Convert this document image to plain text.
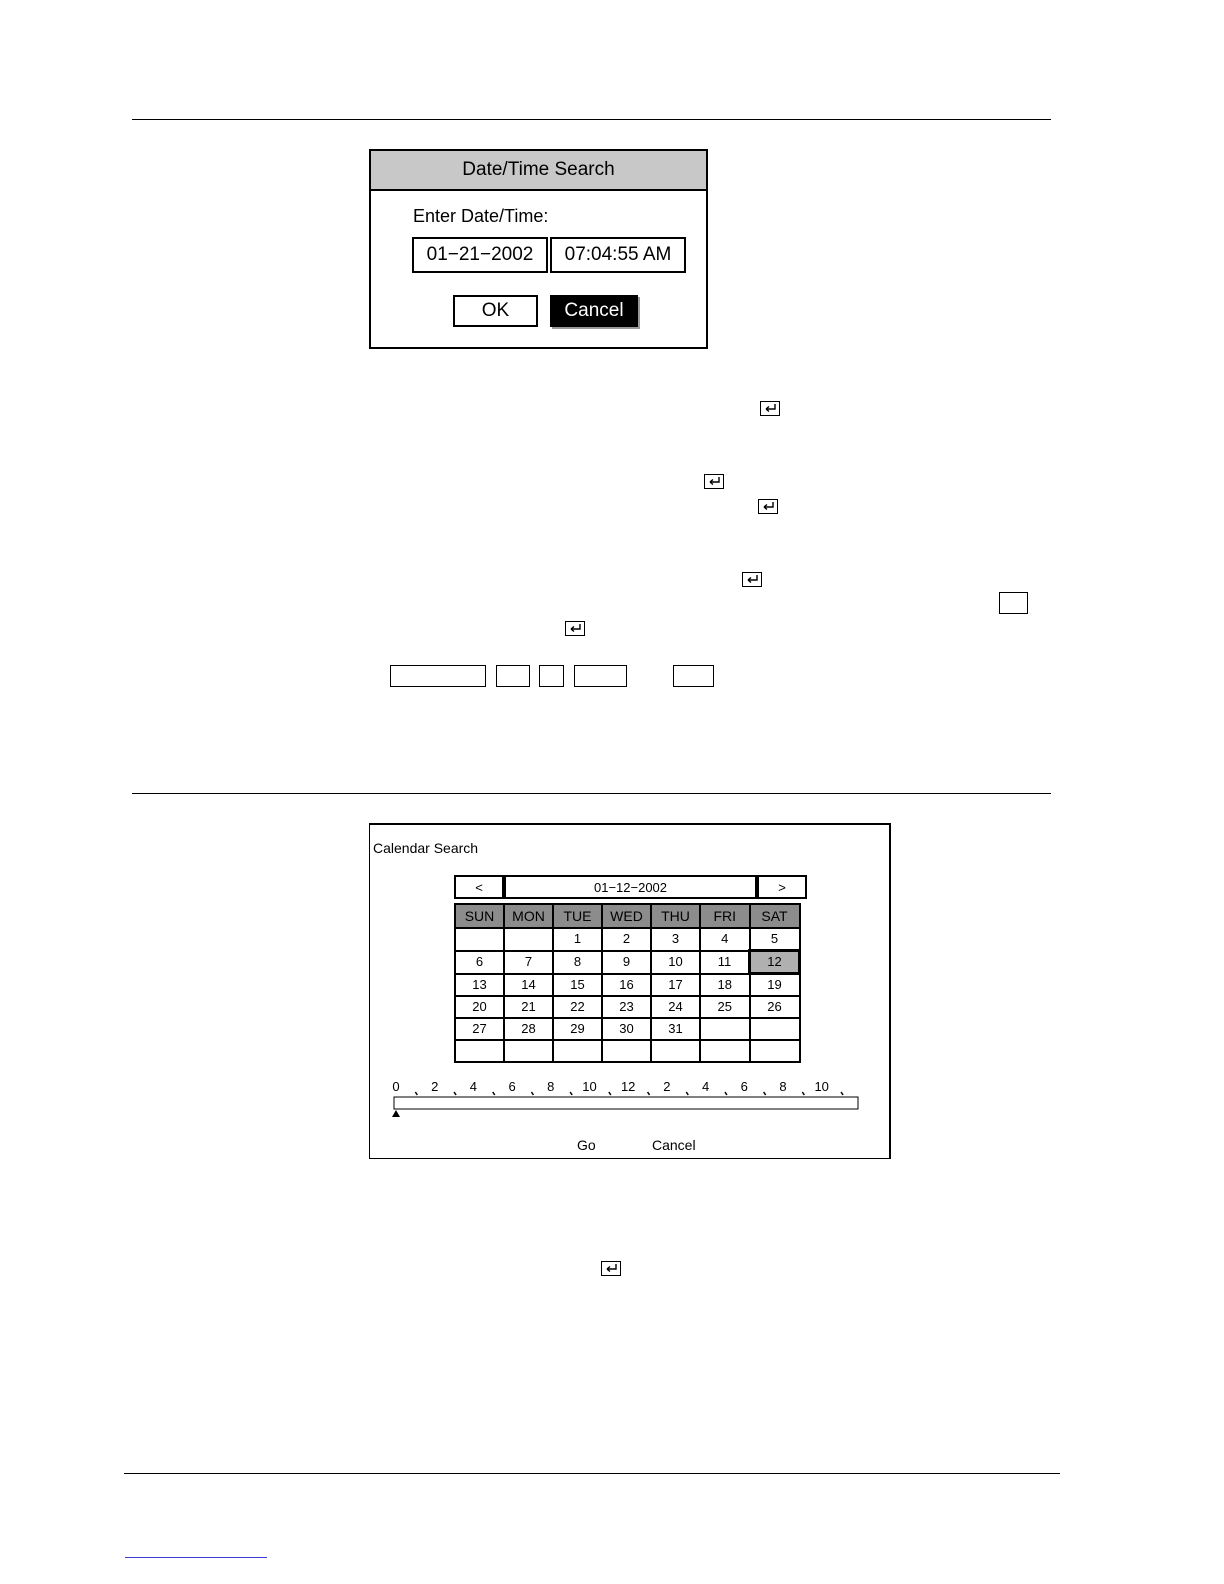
Date/Time Search
Enter Date/Time:
01−21−2002	07:04:55 AM
OK	Cancel
Calendar Search
<	01−12−2002	>
SUN	MON	TUE	WED	THU	FRI	SAT
		1	2	3	4	5
6	7	8	9	10	11	12
13	14	15	16	17	18	19
20	21	22	23	24	25	26
27	28	29	30	31		

0 2 4 6 8 10 12 2 4 6 8 10
Go	Cancel
